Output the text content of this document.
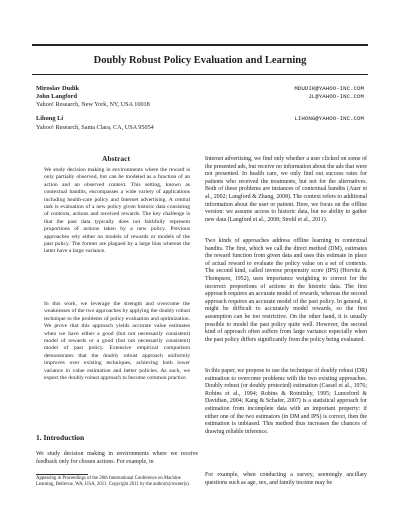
Doubly Robust Policy Evaluation and Learning
Miroslav Dudík	MDUDIK@YAHOO-INC.COM
John Langford	JL@YAHOO-INC.COM
Yahoo! Research, New York, NY, USA 10018
Lihong Li	LIHONG@YAHOO-INC.COM
Yahoo! Research, Santa Clara, CA, USA 95054
Abstract

We study decision making in environments where the reward is only partially observed, but can be modeled as a function of an action and an observed context. This setting, known as contextual bandits, encompasses a wide variety of applications including health-care policy and Internet advertising. A central task is evaluation of a new policy given historic data consisting of contexts, actions and received rewards. The key challenge is that the past data typically does not faithfully represent proportions of actions taken by a new policy. Previous approaches rely either on models of rewards or models of the past policy. The former are plagued by a large bias whereas the latter have a large variance.

In this work, we leverage the strength and overcome the weaknesses of the two approaches by applying the doubly robust technique to the problems of policy evaluation and optimization. We prove that this approach yields accurate value estimates when we have either a good (but not necessarily consistent) model of rewards or a good (but not necessarily consistent) model of past policy. Extensive empirical comparison demonstrates that the doubly robust approach uniformly improves over existing techniques, achieving both lower variance in value estimation and better policies. As such, we expect the doubly robust approach to become common practice.

1. Introduction

We study decision making in environments where we receive feedback only for chosen actions. For example, in

Appearing in Proceedings of the 28th International Conference on Machine Learning, Bellevue, WA, USA, 2011. Copyright 2011 by the author(s)/owner(s).

Internet advertising, we find only whether a user clicked on some of the presented ads, but receive no information about the ads that were not presented. In health care, we only find out success rates for patients who received the treatments, but not for the alternatives. Both of these problems are instances of contextual bandits (Auer et al., 2002; Langford & Zhang, 2008). The context refers to additional information about the user or patient. Here, we focus on the offline version: we assume access to historic data, but no ability to gather new data (Langford et al., 2008; Strehl et al., 2011).

Two kinds of approaches address offline learning in contextual bandits. The first, which we call the direct method (DM), estimates the reward function from given data and uses this estimate in place of actual reward to evaluate the policy value on a set of contexts. The second kind, called inverse propensity score (IPS) (Horvitz & Thompson, 1952), uses importance weighting to correct for the incorrect proportions of actions in the historic data. The first approach requires an accurate model of rewards, whereas the second approach requires an accurate model of the past policy. In general, it might be difficult to accurately model rewards, so the first assumption can be too restrictive. On the other hand, it is usually possible to model the past policy quite well. However, the second kind of approach often suffers from large variance especially when the past policy differs significantly from the policy being evaluated.

In this paper, we propose to use the technique of doubly robust (DR) estimation to overcome problems with the two existing approaches. Doubly robust (or doubly protected) estimation (Cassel et al., 1976; Robins et al., 1994; Robins & Rotnitzky, 1995; Lunceford & Davidian, 2004; Kang & Schafer, 2007) is a statistical approach for estimation from incomplete data with an important property: if either one of the two estimators (in DM and IPS) is correct, then the estimation is unbiased. This method thus increases the chances of drawing reliable inference.

For example, when conducting a survey, seemingly ancillary questions such as age, sex, and family income may be
